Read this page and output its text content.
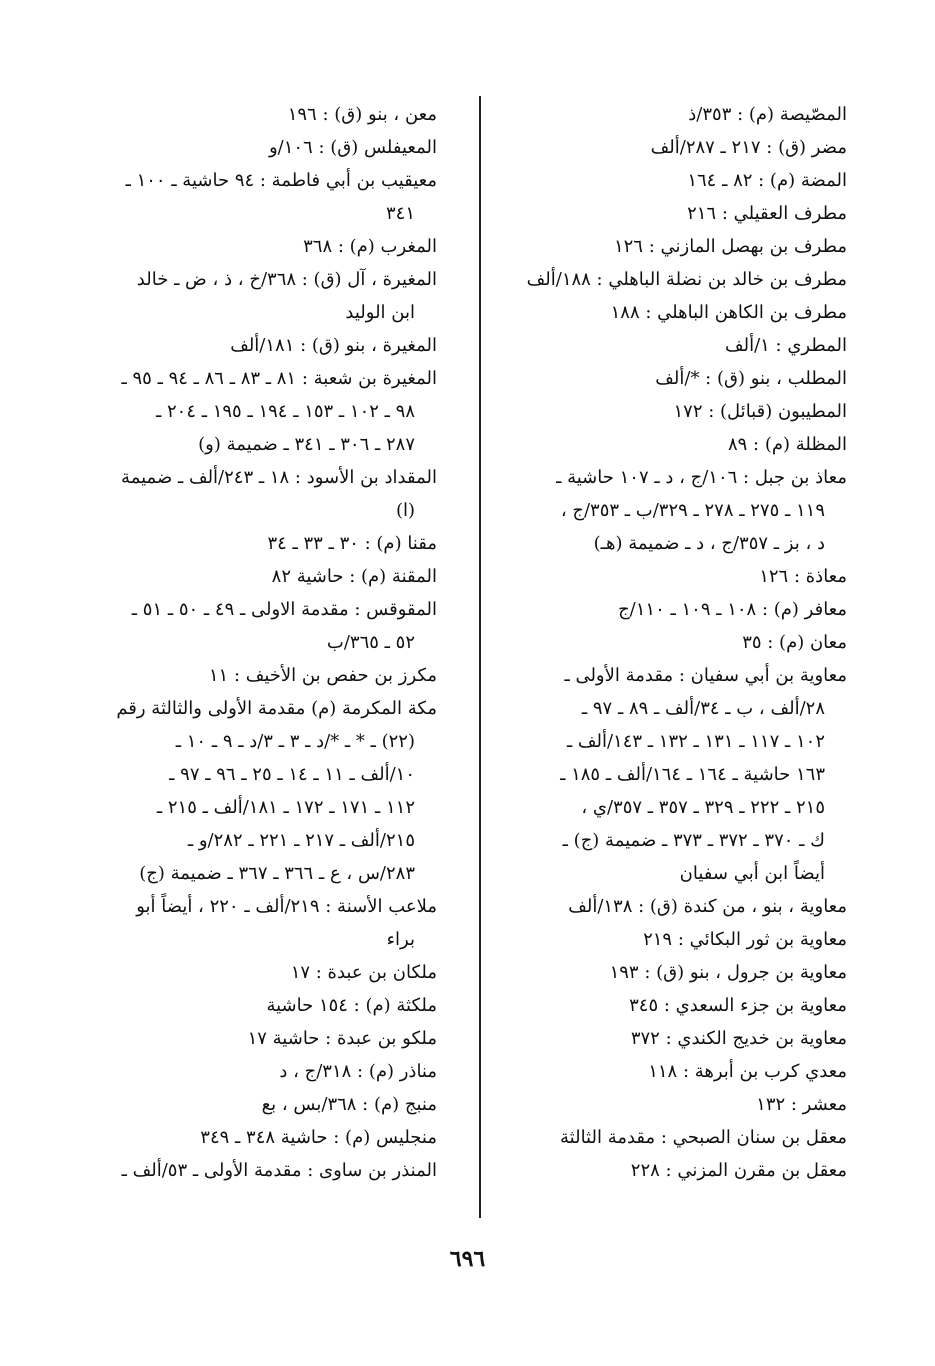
المصّيصة (م) : ٣٥٣/ذ
مضر (ق) : ٢١٧ ـ ٢٨٧/ألف
المضة (م) : ٨٢ ـ ١٦٤
مطرف العقيلي : ٢١٦
مطرف بن بهصل المازني : ١٢٦
مطرف بن خالد بن نضلة الباهلي : ١٨٨/ألف
مطرف بن الكاهن الباهلي : ١٨٨
المطري : ١/ألف
المطلب ، بنو (ق) : */ألف
المطيبون (قبائل) : ١٧٢
المظلة (م) : ٨٩
معاذ بن جبل : ١٠٦/ج ، د ـ ١٠٧ حاشية ـ
١١٩ ـ ٢٧٥ ـ ٢٧٨ ـ ٣٢٩/ب ـ ٣٥٣/ج ،
د ، بز ـ ٣٥٧/ج ، د ـ ضميمة (هـ)
معاذة : ١٢٦
معافر (م) : ١٠٨ ـ ١٠٩ ـ ١١٠/ج
معان (م) : ٣٥
معاوية بن أبي سفيان : مقدمة الأولى ـ
٢٨/ألف ، ب ـ ٣٤/ألف ـ ٨٩ ـ ٩٧ ـ
١٠٢ ـ ١١٧ ـ ١٣١ ـ ١٣٢ ـ ١٤٣/ألف ـ
١٦٣ حاشية ـ ١٦٤ ـ ١٦٤/ألف ـ ١٨٥ ـ
٢١٥ ـ ٢٢٢ ـ ٣٢٩ ـ ٣٥٧ ـ ٣٥٧/ي ،
ك ـ ٣٧٠ ـ ٣٧٢ ـ ٣٧٣ ـ ضميمة (ج) ـ
أيضاً ابن أبي سفيان
معاوية ، بنو ، من كندة (ق) : ١٣٨/ألف
معاوية بن ثور البكائي : ٢١٩
معاوية بن جرول ، بنو (ق) : ١٩٣
معاوية بن جزء السعدي : ٣٤٥
معاوية بن خديج الكندي : ٣٧٢
معدي كرب بن أبرهة : ١١٨
معشر : ١٣٢
معقل بن سنان الصبحي : مقدمة الثالثة
معقل بن مقرن المزني : ٢٢٨
معن ، بنو (ق) : ١٩٦
المعيفلس (ق) : ١٠٦/و
معيقيب بن أبي فاطمة : ٩٤ حاشية ـ ١٠٠ ـ
٣٤١
المغرب (م) : ٣٦٨
المغيرة ، آل (ق) : ٣٦٨/خ ، ذ ، ض ـ خالد
ابن الوليد
المغيرة ، بنو (ق) : ١٨١/ألف
المغيرة بن شعبة : ٨١ ـ ٨٣ ـ ٨٦ ـ ٩٤ ـ ٩٥ ـ
٩٨ ـ ١٠٢ ـ ١٥٣ ـ ١٩٤ ـ ١٩٥ ـ ٢٠٤ ـ
٢٨٧ ـ ٣٠٦ ـ ٣٤١ ـ ضميمة (و)
المقداد بن الأسود : ١٨ ـ ٢٤٣/ألف ـ ضميمة
(ا)
مقنا (م) : ٣٠ ـ ٣٣ ـ ٣٤
المقنة (م) : حاشية ٨٢
المقوقس : مقدمة الاولى ـ ٤٩ ـ ٥٠ ـ ٥١ ـ
٥٢ ـ ٣٦٥/ب
مكرز بن حفص بن الأخيف : ١١
مكة المكرمة (م) مقدمة الأولى والثالثة رقم
(٢٢) ـ * ـ */د ـ ٣ ـ ٣/د ـ ٩ ـ ١٠ ـ
١٠/ألف ـ ١١ ـ ١٤ ـ ٢٥ ـ ٩٦ ـ ٩٧ ـ
١١٢ ـ ١٧١ ـ ١٧٢ ـ ١٨١/ألف ـ ٢١٥ ـ
٢١٥/ألف ـ ٢١٧ ـ ٢٢١ ـ ٢٨٢/و ـ
٢٨٣/س ، ع ـ ٣٦٦ ـ ٣٦٧ ـ ضميمة (ج)
ملاعب الأسنة : ٢١٩/ألف ـ ٢٢٠ ، أيضاً أبو
براء
ملكان بن عبدة : ١٧
ملكثة (م) : ١٥٤ حاشية
ملكو بن عبدة : حاشية ١٧
مناذر (م) : ٣١٨/ج ، د
منبج (م) : ٣٦٨/بس ، بع
منجليس (م) : حاشية ٣٤٨ ـ ٣٤٩
المنذر بن ساوى : مقدمة الأولى ـ ٥٣/ألف ـ
٦٩٦
